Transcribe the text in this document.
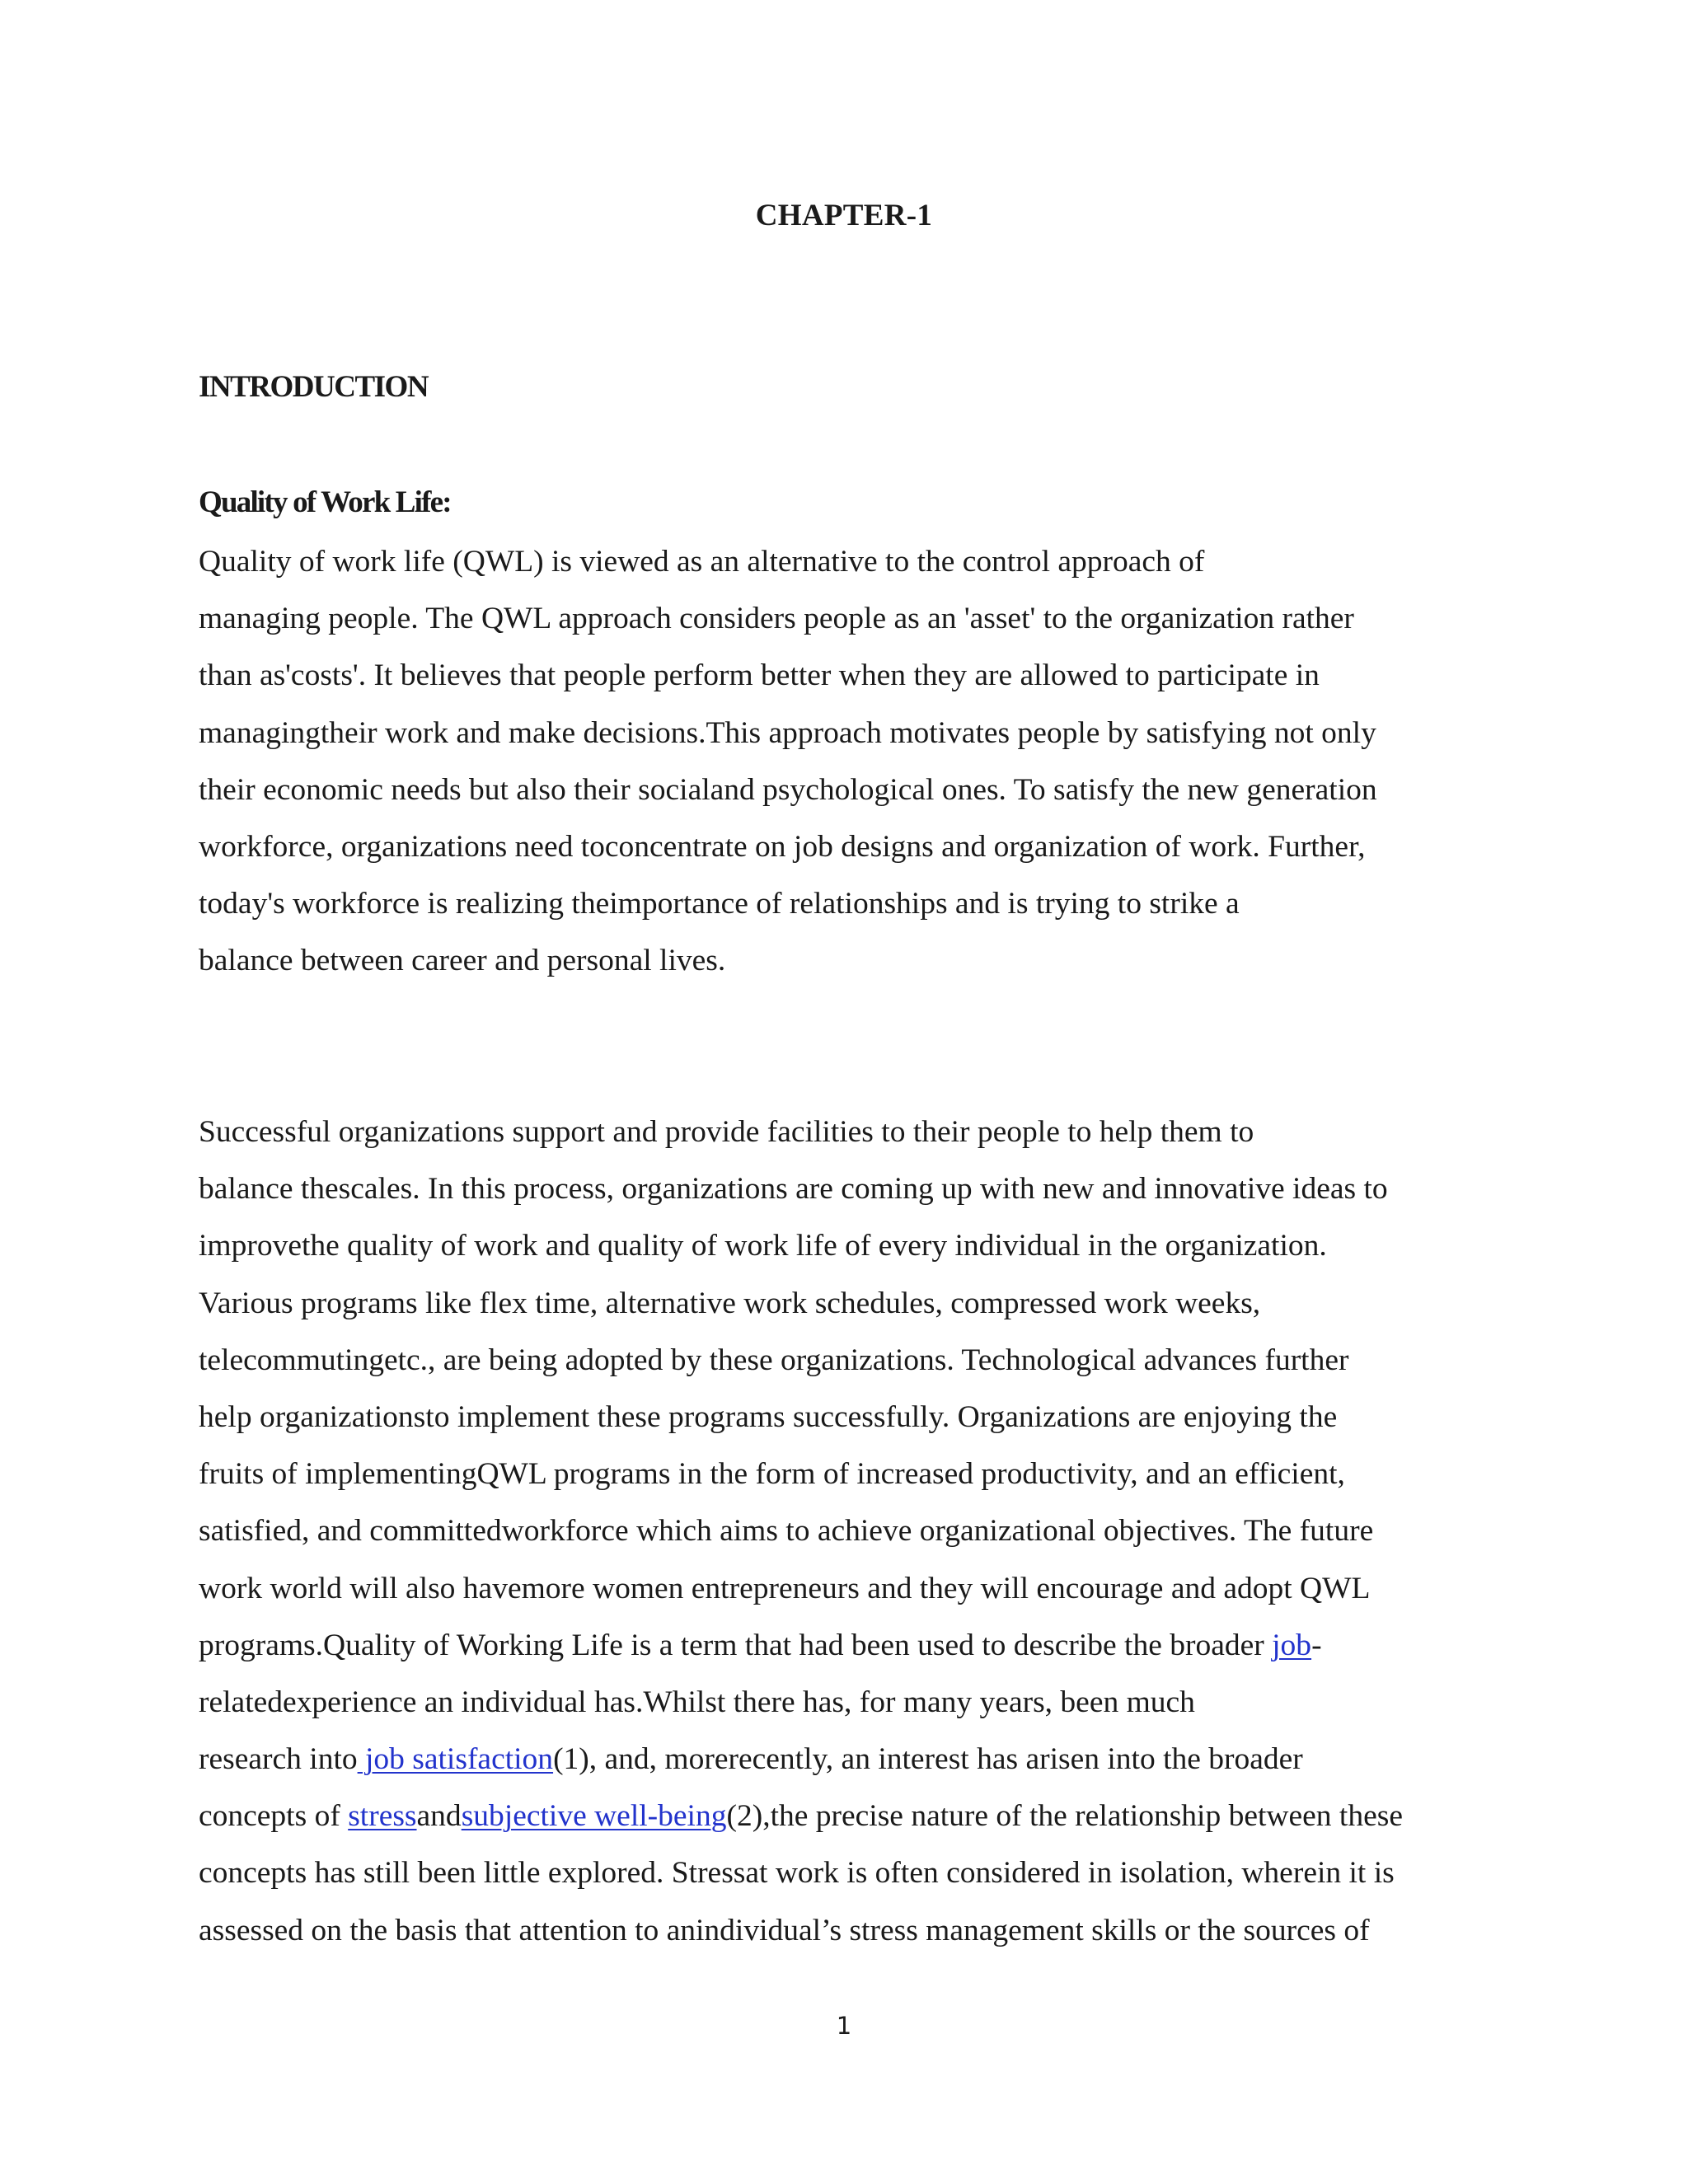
CHAPTER-1
INTRODUCTION
Quality of Work Life:
Quality of work life (QWL) is viewed as an alternative to the control approach of
managing people. The QWL approach considers people as an 'asset' to the organization rather
than as'costs'. It believes that people perform better when they are allowed to participate in
managingtheir work and make decisions.This approach motivates people by satisfying not only
their economic needs but also their socialand psychological ones. To satisfy the new generation
workforce, organizations need toconcentrate on job designs and organization of work. Further,
today's workforce is realizing theimportance of relationships and is trying to strike a
balance between career and personal lives.
Successful organizations support and provide facilities to their people to help them to
balance thescales. In this process, organizations are coming up with new and innovative ideas to
improvethe quality of work and quality of work life of every individual in the organization.
Various programs like flex time, alternative work schedules, compressed work weeks,
telecommutingetc., are being adopted by these organizations. Technological advances further
help organizationsto implement these programs successfully. Organizations are enjoying the
fruits of implementingQWL programs in the form of increased productivity, and an efficient,
satisfied, and committedworkforce which aims to achieve organizational objectives. The future
work world will also havemore women entrepreneurs and they will encourage and adopt QWL
programs.Quality of Working Life is a term that had been used to describe the broader job-
relatedexperience an individual has.Whilst there has, for many years, been much
research into job satisfaction(1), and, morerecently, an interest has arisen into the broader
concepts of stressandsubjective well-being(2),the precise nature of the relationship between these
concepts has still been little explored. Stressat work is often considered in isolation, wherein it is
assessed on the basis that attention to anindividual’s stress management skills or the sources of
1
